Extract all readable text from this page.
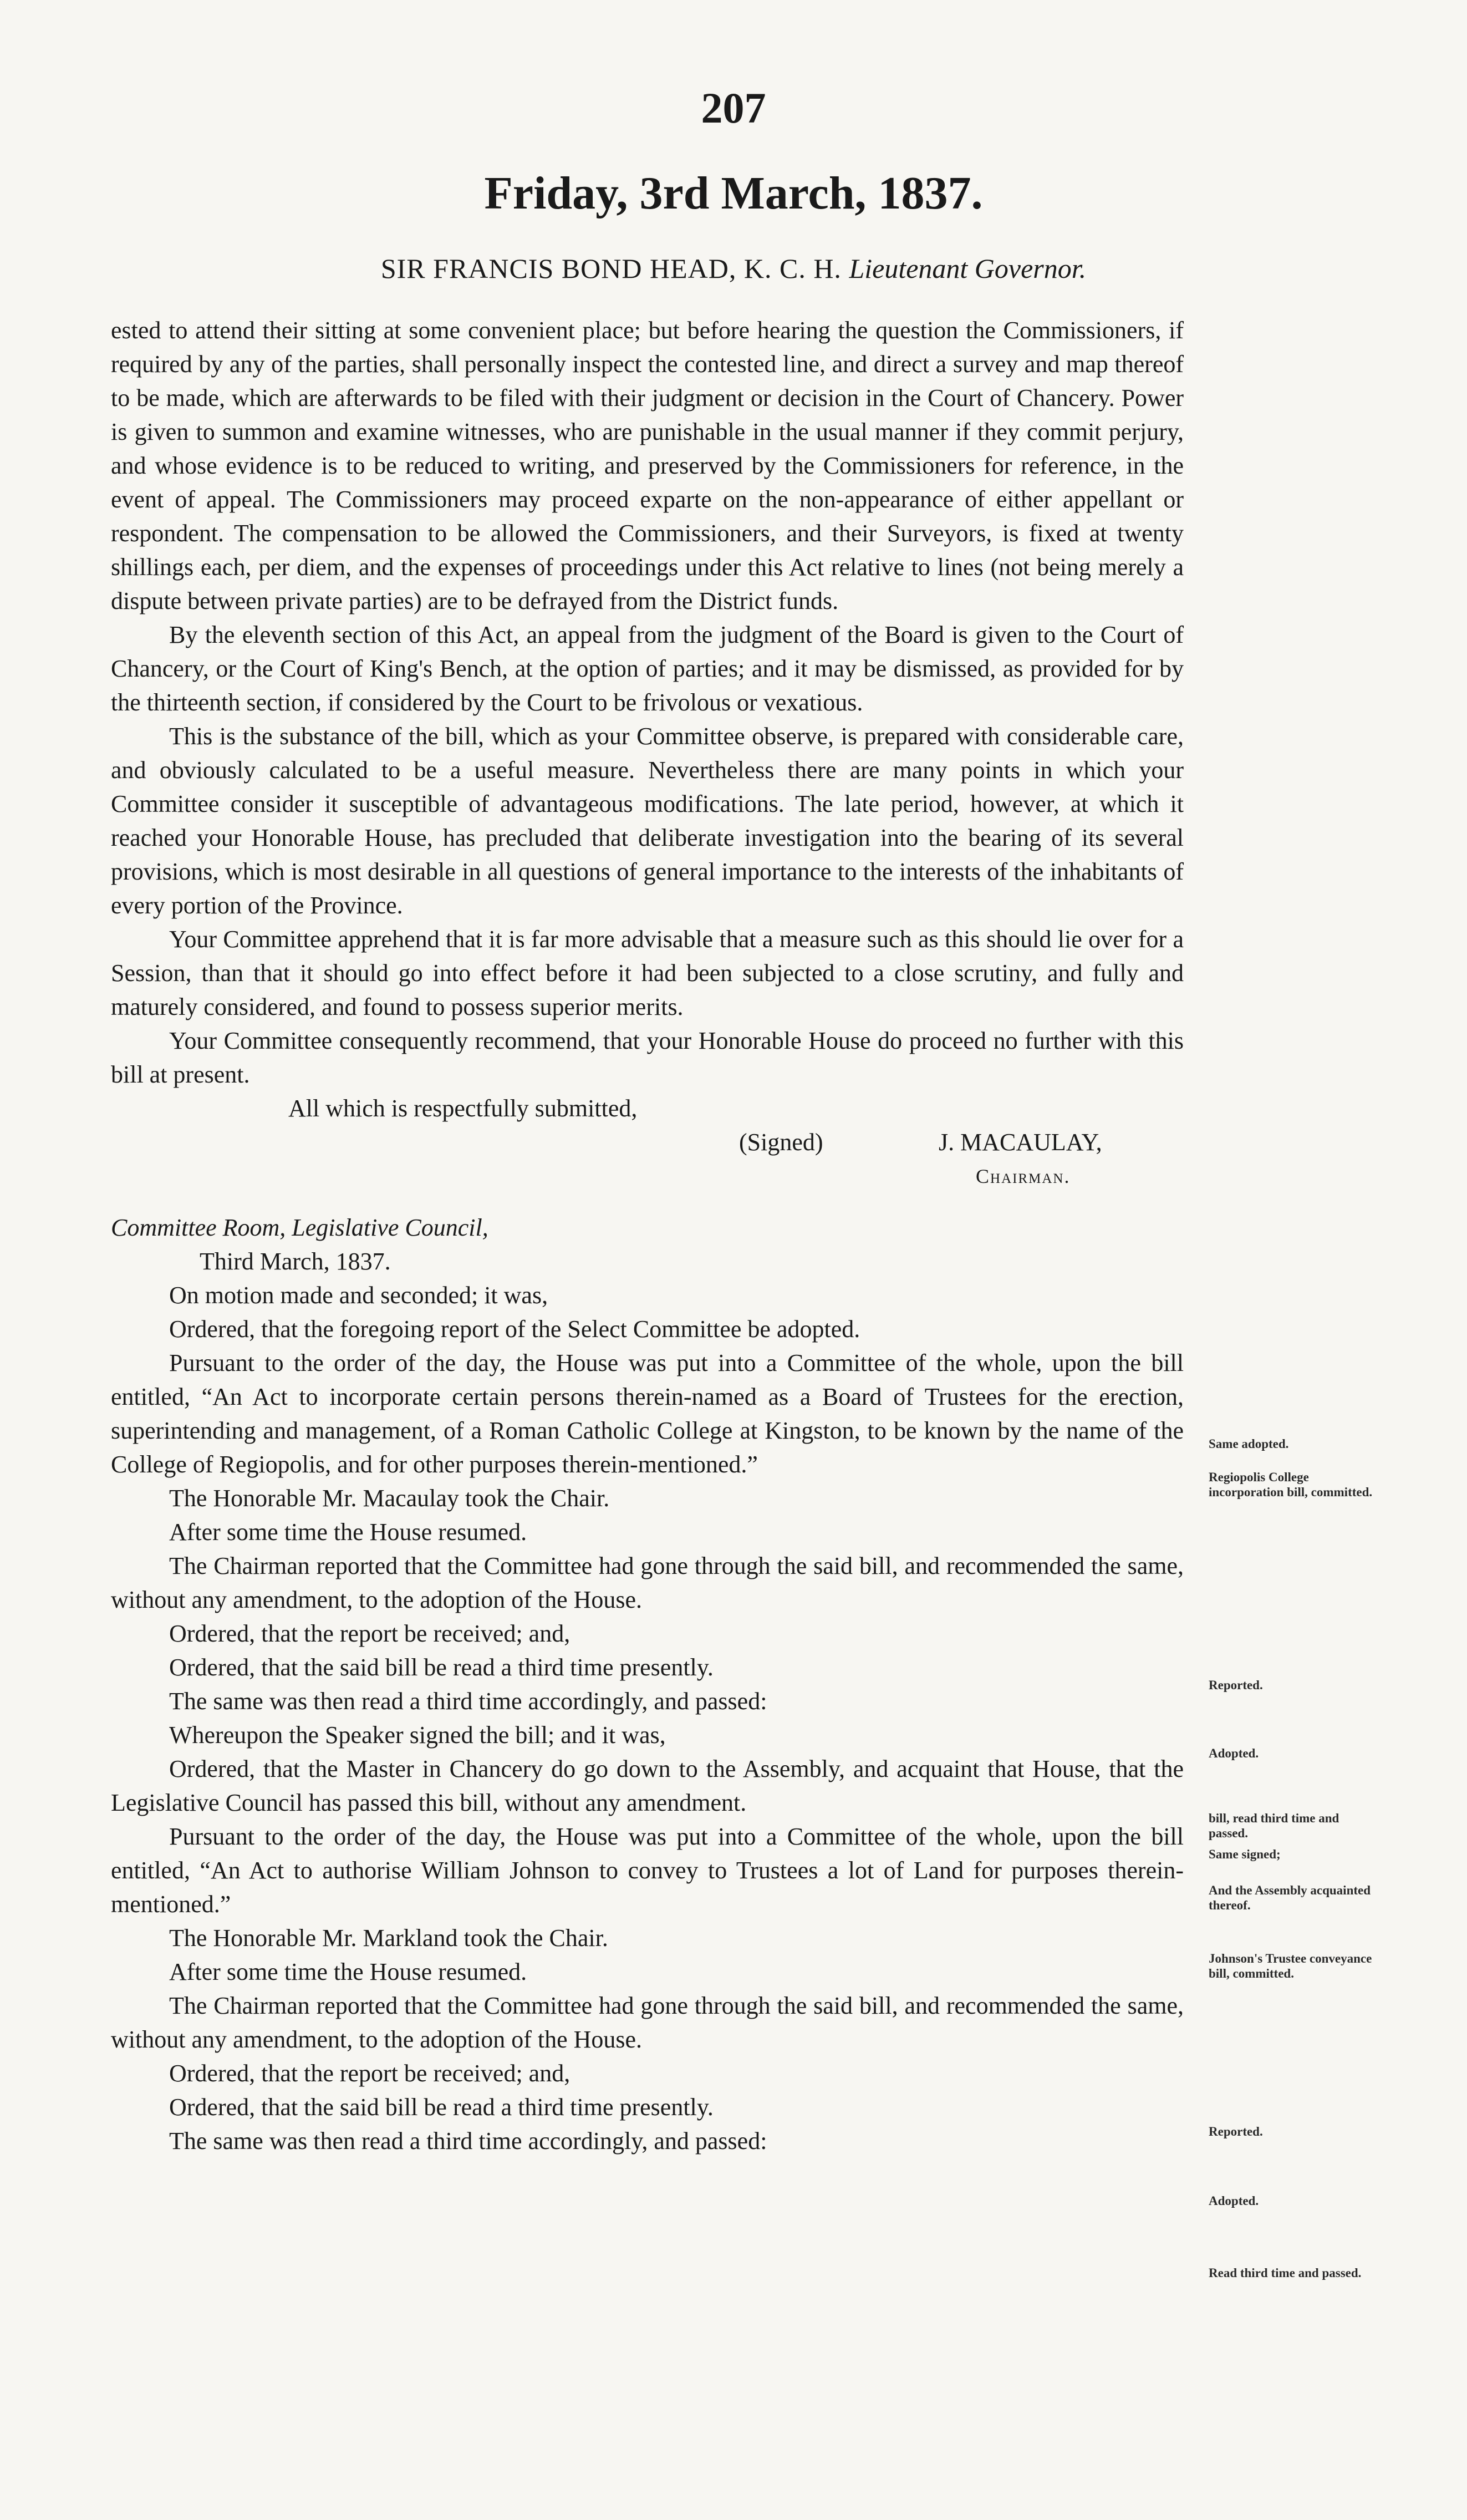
207
Friday, 3rd March, 1837.
SIR FRANCIS BOND HEAD, K. C. H. Lieutenant Governor.

ested to attend their sitting at some convenient place; but before hearing the question the Commissioners, if required by any of the parties, shall personally inspect the contested line, and direct a survey and map thereof to be made, which are afterwards to be filed with their judgment or decision in the Court of Chancery. Power is given to summon and examine witnesses, who are punishable in the usual manner if they commit perjury, and whose evidence is to be reduced to writing, and preserved by the Commissioners for reference, in the event of appeal. The Commissioners may proceed exparte on the non-appearance of either appellant or respondent. The compensation to be allowed the Commissioners, and their Surveyors, is fixed at twenty shillings each, per diem, and the expenses of proceedings under this Act relative to lines (not being merely a dispute between private parties) are to be defrayed from the District funds.

By the eleventh section of this Act, an appeal from the judgment of the Board is given to the Court of Chancery, or the Court of King's Bench, at the option of parties; and it may be dismissed, as provided for by the thirteenth section, if considered by the Court to be frivolous or vexatious.

This is the substance of the bill, which as your Committee observe, is prepared with considerable care, and obviously calculated to be a useful measure. Nevertheless there are many points in which your Committee consider it susceptible of advantageous modifications. The late period, however, at which it reached your Honorable House, has precluded that deliberate investigation into the bearing of its several provisions, which is most desirable in all questions of general importance to the interests of the inhabitants of every portion of the Province.

Your Committee apprehend that it is far more advisable that a measure such as this should lie over for a Session, than that it should go into effect before it had been subjected to a close scrutiny, and fully and maturely considered, and found to possess superior merits.

Your Committee consequently recommend, that your Honorable House do proceed no further with this bill at present.

All which is respectfully submitted,

(Signed)	J. MACAULAY,
Chairman.

Committee Room, Legislative Council,

Third March, 1837.

On motion made and seconded; it was,

Ordered, that the foregoing report of the Select Committee be adopted.

Pursuant to the order of the day, the House was put into a Committee of the whole, upon the bill entitled, “An Act to incorporate certain persons therein-named as a Board of Trustees for the erection, superintending and management, of a Roman Catholic College at Kingston, to be known by the name of the College of Regiopolis, and for other purposes therein-mentioned.”

The Honorable Mr. Macaulay took the Chair.

After some time the House resumed.

The Chairman reported that the Committee had gone through the said bill, and recommended the same, without any amendment, to the adoption of the House.

Ordered, that the report be received; and,

Ordered, that the said bill be read a third time presently.

The same was then read a third time accordingly, and passed:

Whereupon the Speaker signed the bill; and it was,

Ordered, that the Master in Chancery do go down to the Assembly, and acquaint that House, that the Legislative Council has passed this bill, without any amendment.

Pursuant to the order of the day, the House was put into a Committee of the whole, upon the bill entitled, “An Act to authorise William Johnson to convey to Trustees a lot of Land for purposes therein-mentioned.”

The Honorable Mr. Markland took the Chair.

After some time the House resumed.

The Chairman reported that the Committee had gone through the said bill, and recommended the same, without any amendment, to the adoption of the House.

Ordered, that the report be received; and,

Ordered, that the said bill be read a third time presently.

The same was then read a third time accordingly, and passed:

Same adopted.
Regiopolis College incorporation bill, committed.
Reported.
Adopted.
bill, read third time and passed.
Same signed;
And the Assembly acquainted thereof.
Johnson's Trustee conveyance bill, committed.
Reported.
Adopted.
Read third time and passed.
